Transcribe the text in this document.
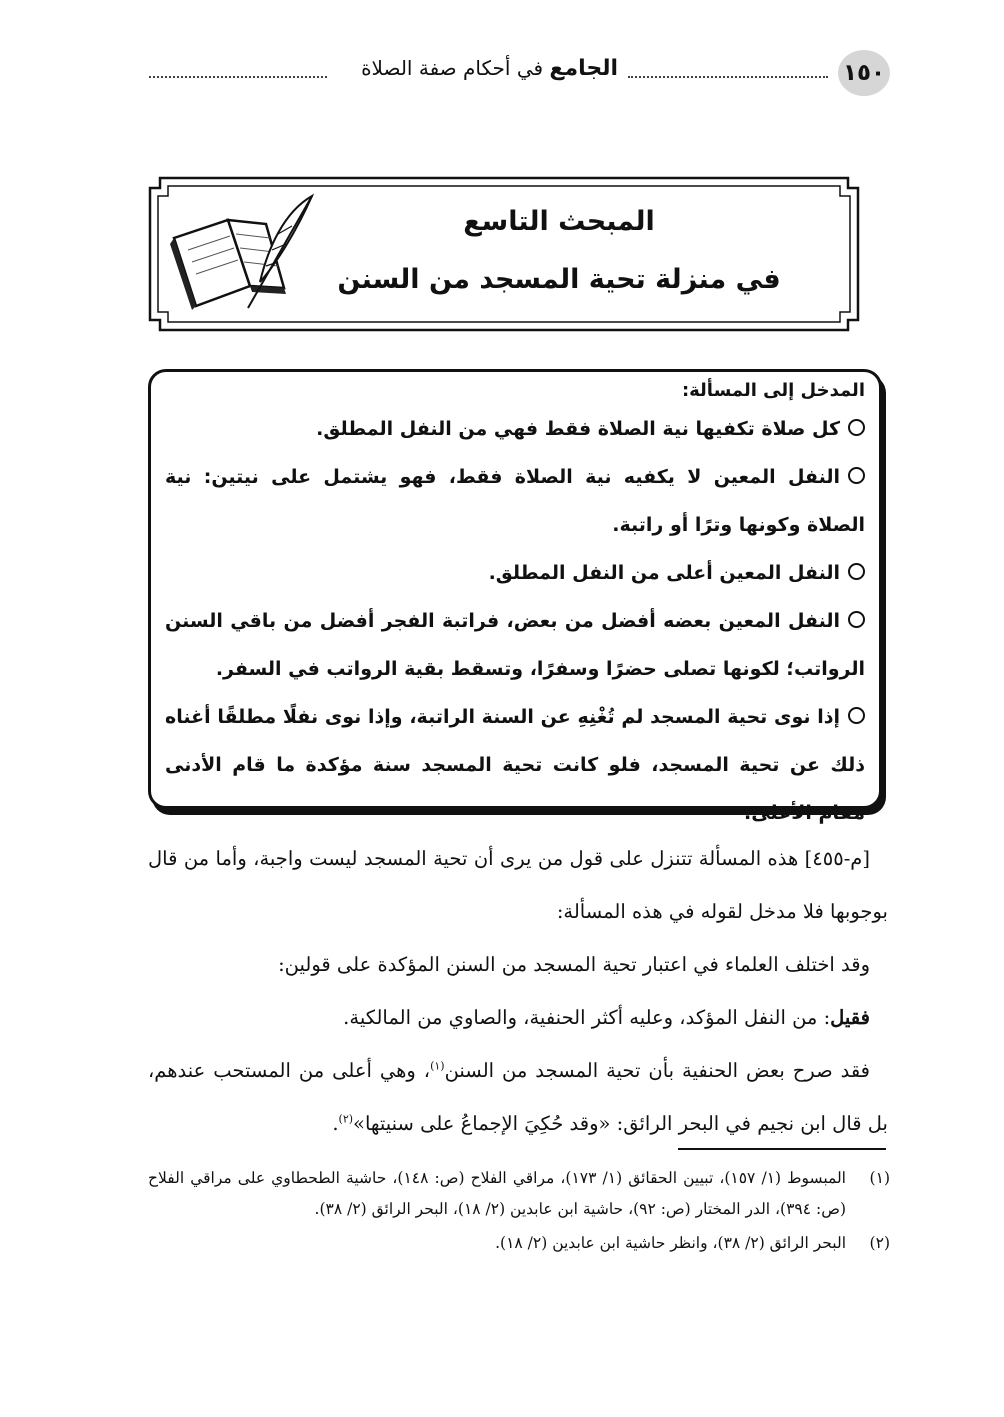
١٥٠
الجامع في أحكام صفة الصلاة
المبحث التاسع
في منزلة تحية المسجد من السنن
المدخل إلى المسألة:
كل صلاة تكفيها نية الصلاة فقط فهي من النفل المطلق.
النفل المعين لا يكفيه نية الصلاة فقط، فهو يشتمل على نيتين: نية الصلاة وكونها وترًا أو راتبة.
النفل المعين أعلى من النفل المطلق.
النفل المعين بعضه أفضل من بعض، فراتبة الفجر أفضل من باقي السنن الرواتب؛ لكونها تصلى حضرًا وسفرًا، وتسقط بقية الرواتب في السفر.
إذا نوى تحية المسجد لم تُغْنِهِ عن السنة الراتبة، وإذا نوى نفلًا مطلقًا أغناه ذلك عن تحية المسجد، فلو كانت تحية المسجد سنة مؤكدة ما قام الأدنى مقام الأعلى.

[م-٤٥٥] هذه المسألة تتنزل على قول من يرى أن تحية المسجد ليست واجبة، وأما من قال بوجوبها فلا مدخل لقوله في هذه المسألة:

وقد اختلف العلماء في اعتبار تحية المسجد من السنن المؤكدة على قولين:

فقيل: من النفل المؤكد، وعليه أكثر الحنفية، والصاوي من المالكية.

فقد صرح بعض الحنفية بأن تحية المسجد من السنن$^{(١)}$، وهي أعلى من المستحب عندهم، بل قال ابن نجيم في البحر الرائق: «وقد حُكِيَ الإجماعُ على سنيتها»$^{(٢)}$.

(١)
المبسوط (١/ ١٥٧)، تبيين الحقائق (١/ ١٧٣)، مراقي الفلاح (ص: ١٤٨)، حاشية الطحطاوي على مراقي الفلاح (ص: ٣٩٤)، الدر المختار (ص: ٩٢)، حاشية ابن عابدين (٢/ ١٨)، البحر الرائق (٢/ ٣٨).
(٢)
البحر الرائق (٢/ ٣٨)، وانظر حاشية ابن عابدين (٢/ ١٨).
